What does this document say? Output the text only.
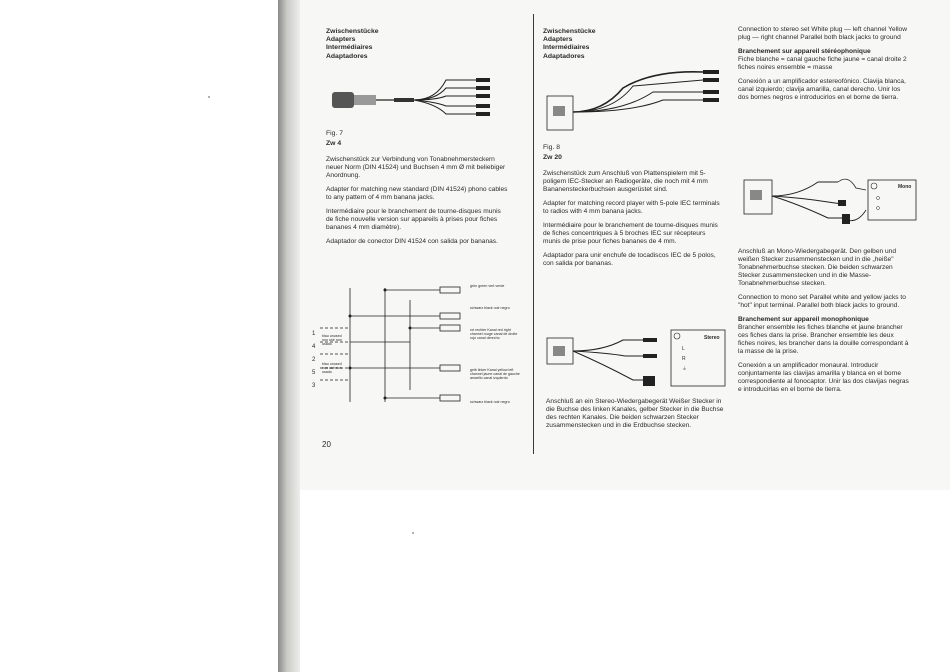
Zwischenstücke
Adapters
Intermédiaires
Adaptadores
Fig. 7
Zw 4

Zwischenstück zur Verbindung von Tonabnehmersteckern neuer Norm (DIN 41524) und Buchsen 4 mm Ø mit beliebiger Anordnung.

Adapter for matching new standard (DIN 41524) phono cables to any pattern of 4 mm banana jacks.

Intermédiaire pour le branchement de tourne-disques munis de fiche nouvelle version sur appareils à prises pour fiches bananes 4 mm diamètre).

Adaptador de conector DIN 41524 con salida por bananas.

1
4
2
5
3
blau unused non usé non usado
blau unused non usé non usado
grün green vert verde
schwarz black noir negro
rot rechter Kanal red right channel rouge canal de droite rojo canal derecho
gelb linker Kanal yellow left channel jaune canal de gauche amarillo canal izquierdo
schwarz black noir negro
20
Zwischenstücke
Adapters
Intermédiaires
Adaptadores
Fig. 8
Zw 20

Zwischenstück zum Anschluß von Plattenspielern mit 5-poligem IEC-Stecker an Radiogeräte, die noch mit 4 mm Bananensteckerbuchsen ausgerüstet sind.

Adapter for matching record player with 5-pole IEC terminals to radios with 4 mm banana jacks.

Intermédiaire pour le branchement de tourne-disques munis de fiches concentriques à 5 broches IEC sur récepteurs munis de prise pour fiches bananes de 4 mm.

Adaptador para unir enchufe de tocadiscos IEC de 5 polos, con salida por bananas.

Stereo
L
R
⏚
Anschluß an ein Stereo-Wiedergabegerät Weißer Stecker in die Buchse des linken Kanales, gelber Stecker in die Buchse des rechten Kanales. Die beiden schwarzen Stecker zusammenstecken und in die Erdbuchse stecken.

Connection to stereo set White plug — left channel Yellow plug — right channel Parallel both black jacks to ground

Branchement sur appareil stéréophonique

Fiche blanche = canal gauche fiche jaune = canal droite 2 fiches noires ensemble = masse

Conexión a un amplificador estereofónico. Clavija blanca, canal izquierdo; clavija amarilla, canal derecho. Unir los dos bornes negros e introducirlos en el borne de tierra.

Mono

Anschluß an Mono-Wiedergabegerät. Den gelben und weißen Stecker zusammenstecken und in die „heiße" Tonabnehmerbuchse stecken. Die beiden schwarzen Stecker zusammenstecken und in die Masse-Tonabnehmerbuchse stecken.

Connection to mono set Parallel white and yellow jacks to "hot" input terminal. Parallel both black jacks to ground.

Branchement sur appareil monophonique

Brancher ensemble les fiches blanche et jaune brancher ces fiches dans la prise. Brancher ensemble les deux fiches noires, les brancher dans la douille correspondant à la masse de la prise.

Conexión a un amplificador monaural. Introducir conjuntamente las clavijas amarilla y blanca en el borne correspondiente al fonocaptor. Unir las dos clavijas negras e introducirlas en el borne de tierra.
